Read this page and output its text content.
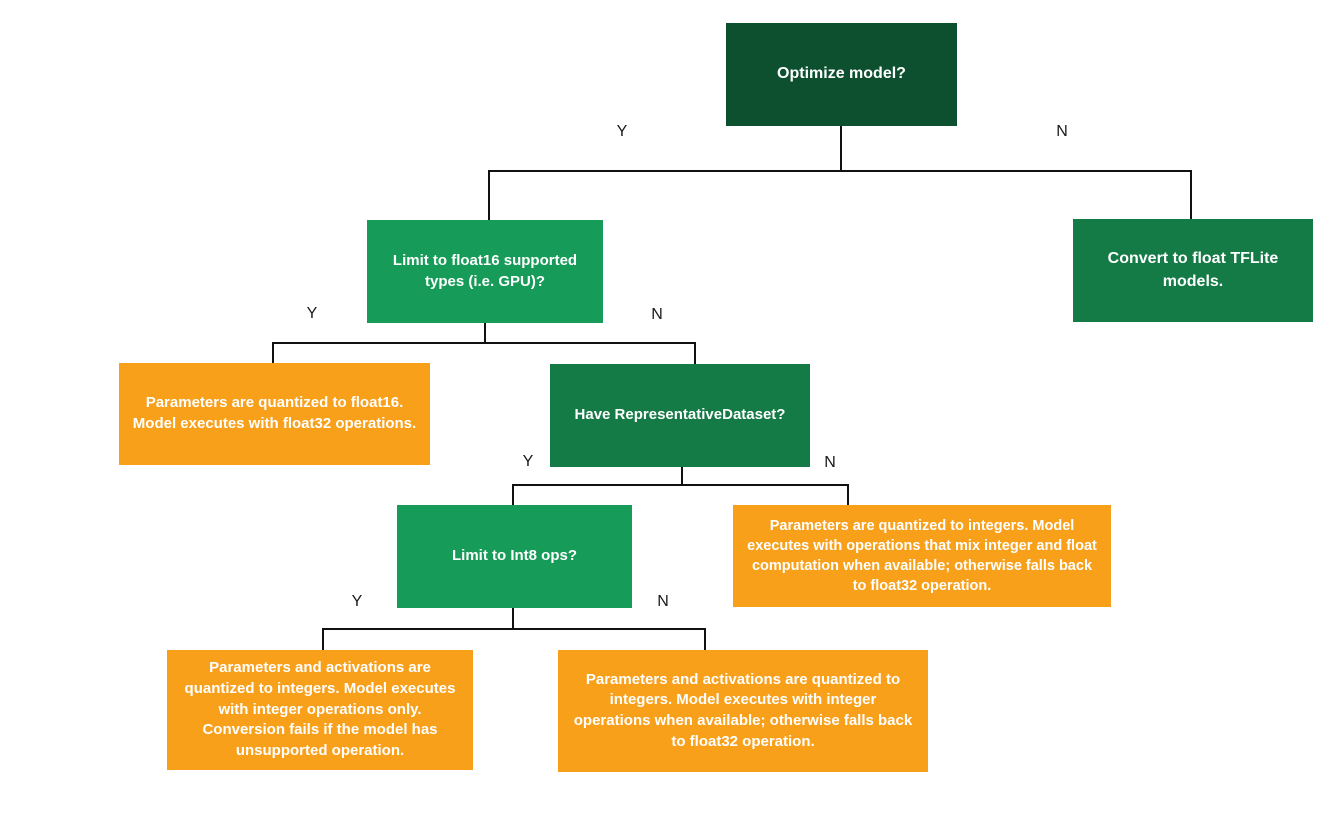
Optimize model?
Limit to float16 supported types (i.e. GPU)?
Convert to float TFLite models.
Parameters are quantized to float16. Model executes with float32 operations.
Have RepresentativeDataset?
Limit to Int8 ops?
Parameters are quantized to integers. Model executes with operations that mix integer and float computation when available; otherwise falls back to float32 operation.
Parameters and activations are quantized to integers. Model executes with integer operations only. Conversion fails if the model has unsupported operation.
Parameters and activations are quantized to integers. Model executes with integer operations when available; otherwise falls back to float32 operation.
Y	N
Y	N
Y	N
Y	N
